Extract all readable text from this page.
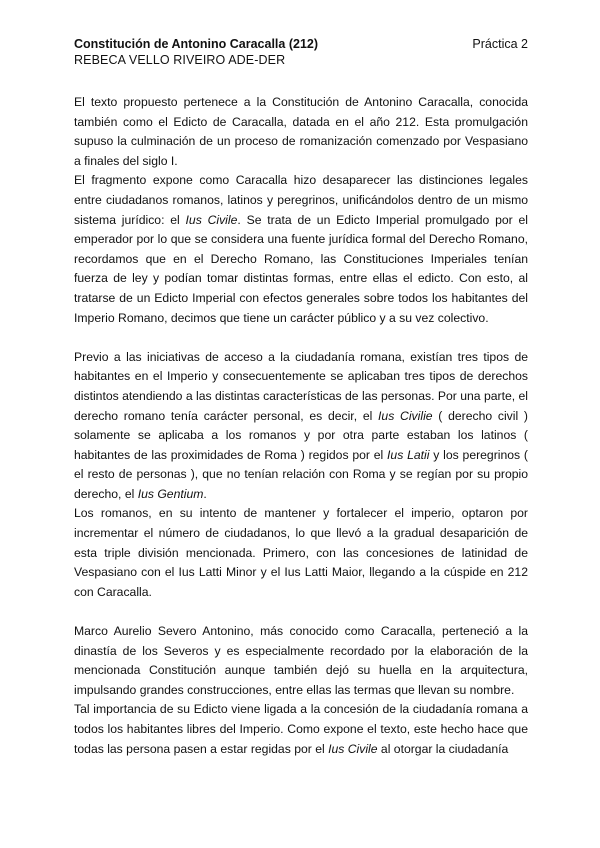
Constitución de Antonino Caracalla (212)	Práctica 2
REBECA VELLO RIVEIRO ADE-DER

El texto propuesto pertenece a la Constitución de Antonino Caracalla, conocida también como el Edicto de Caracalla, datada en el año 212. Esta promulgación supuso la culminación de un proceso de romanización comenzado por Vespasiano a finales del siglo I.

El fragmento expone como Caracalla hizo desaparecer las distinciones legales entre ciudadanos romanos, latinos y peregrinos, unificándolos dentro de un mismo sistema jurídico: el Ius Civile. Se trata de un Edicto Imperial promulgado por el emperador por lo que se considera una fuente jurídica formal del Derecho Romano, recordamos que en el Derecho Romano, las Constituciones Imperiales tenían fuerza de ley y podían tomar distintas formas, entre ellas el edicto. Con esto, al tratarse de un Edicto Imperial con efectos generales sobre todos los habitantes del Imperio Romano, decimos que tiene un carácter público y a su vez colectivo.

Previo a las iniciativas de acceso a la ciudadanía romana, existían tres tipos de habitantes en el Imperio y consecuentemente se aplicaban tres tipos de derechos distintos atendiendo a las distintas características de las personas. Por una parte, el derecho romano tenía carácter personal, es decir, el Ius Civilie ( derecho civil ) solamente se aplicaba a los romanos y por otra parte estaban los latinos ( habitantes de las proximidades de Roma ) regidos por el Ius Latii y los peregrinos ( el resto de personas ), que no tenían relación con Roma y se regían por su propio derecho, el Ius Gentium.

Los romanos, en su intento de mantener y fortalecer el imperio, optaron por incrementar el número de ciudadanos, lo que llevó a la gradual desaparición de esta triple división mencionada. Primero, con las concesiones de latinidad de Vespasiano con el Ius Latti Minor y el Ius Latti Maior, llegando a la cúspide en 212 con Caracalla.

Marco Aurelio Severo Antonino, más conocido como Caracalla, perteneció a la dinastía de los Severos y es especialmente recordado por la elaboración de la mencionada Constitución aunque también dejó su huella en la arquitectura, impulsando grandes construcciones, entre ellas las termas que llevan su nombre.

Tal importancia de su Edicto viene ligada a la concesión de la ciudadanía romana a todos los habitantes libres del Imperio. Como expone el texto, este hecho hace que todas las persona pasen a estar regidas por el Ius Civile al otorgar la ciudadanía
